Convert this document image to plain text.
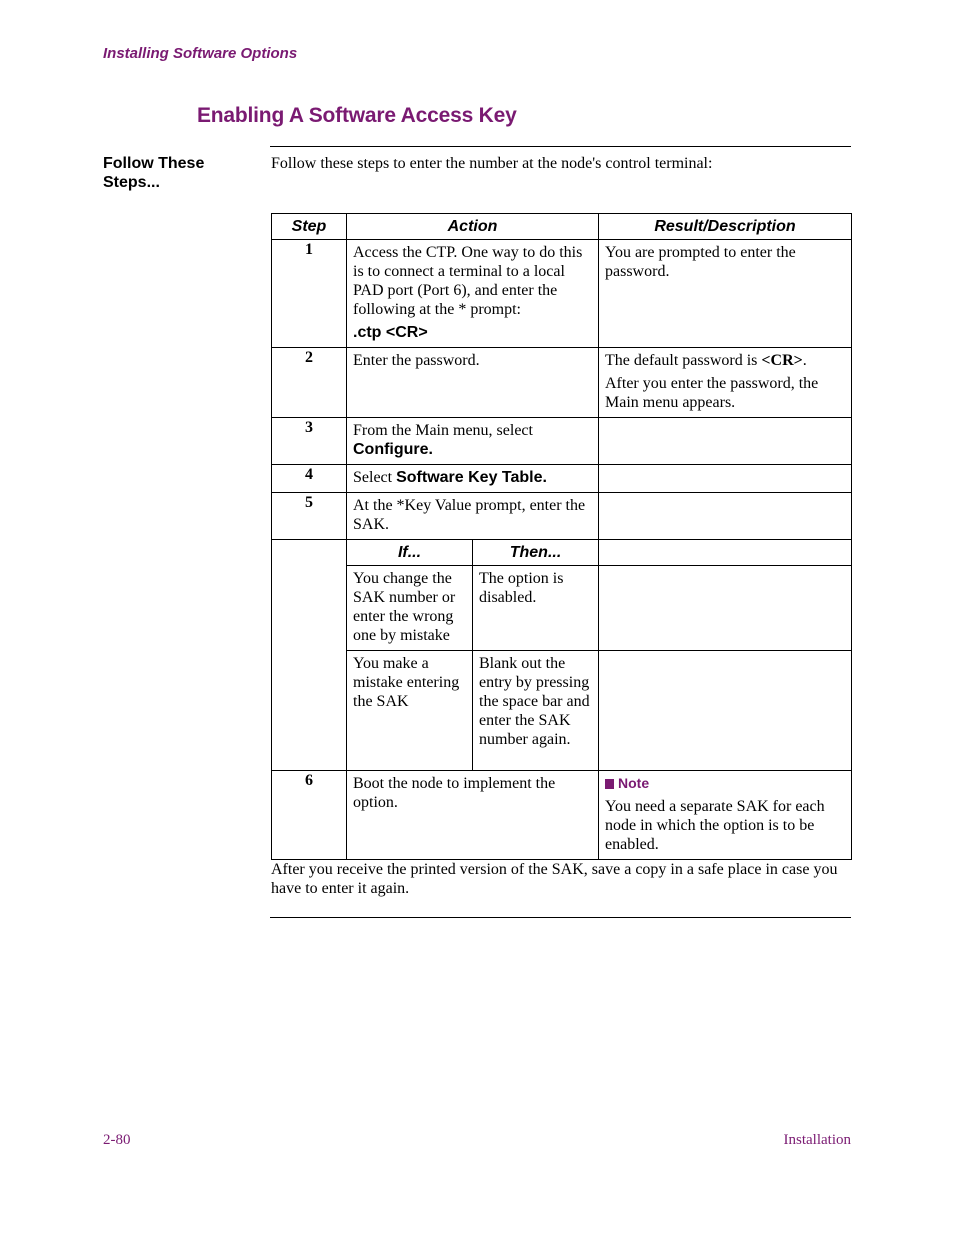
Installing Software Options
Enabling A Software Access Key
Follow These Steps...
Follow these steps to enter the number at the node's control terminal:
Step	Action		Result/Description
1	Access the CTP. One way to do this is to connect a terminal to a local PAD port (Port 6), and enter the following at the * prompt:

.ctp <CR>		You are prompted to enter the password.

2	Enter the password.		The default password is <CR>.

After you enter the password, the Main menu appears.

3	From the Main menu, select
Configure.		

4	Select Software Key Table.		

5	At the *Key Value prompt, enter the SAK.		

	If...	Then...	

	You change the SAK number or enter the wrong one by mistake	The option is disabled.	

	You make a mistake entering the SAK	Blank out the entry by pressing the space bar and enter the SAK number again.	

6	Boot the node to implement the option.		Note

You need a separate SAK for each node in which the option is to be enabled.

After you receive the printed version of the SAK, save a copy in a safe place in case you have to enter it again.
2-80	Installation
